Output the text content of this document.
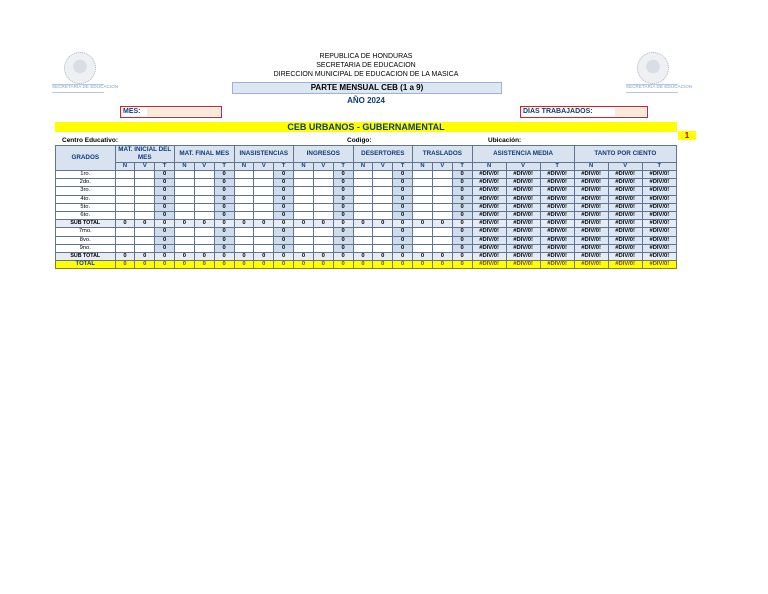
SECRETARIA DE EDUCACION	SECRETARIA DE EDUCACION
REPUBLICA DE HONDURAS
SECRETARIA DE EDUCACION
DIRECCION MUNICIPAL DE EDUCACION DE LA MASICA
PARTE MENSUAL CEB (1 a 9)
AÑO 2024
MES:	DÍAS TRABAJADOS:
CEB URBANOS - GUBERNAMENTAL
1
Centro Educativo:	Codigo:	Ubicación:
GRADOS	MAT. INICIAL DEL MES			MAT. FINAL MES			INASISTENCIAS			INGRESOS			DESERTORES			TRASLADOS			ASISTENCIA MEDIA			TANTO POR CIENTO		
	N	V	T	N	V	T	N	V	T	N	V	T	N	V	T	N	V	T	N	V	T	N	V	T
1ro.			0			0			0			0			0			0	#DIV/0!	#DIV/0!	#DIV/0!	#DIV/0!	#DIV/0!	#DIV/0!
2do.			0			0			0			0			0			0	#DIV/0!	#DIV/0!	#DIV/0!	#DIV/0!	#DIV/0!	#DIV/0!
3ro.			0			0			0			0			0			0	#DIV/0!	#DIV/0!	#DIV/0!	#DIV/0!	#DIV/0!	#DIV/0!
4to.			0			0			0			0			0			0	#DIV/0!	#DIV/0!	#DIV/0!	#DIV/0!	#DIV/0!	#DIV/0!
5to.			0			0			0			0			0			0	#DIV/0!	#DIV/0!	#DIV/0!	#DIV/0!	#DIV/0!	#DIV/0!
6to.			0			0			0			0			0			0	#DIV/0!	#DIV/0!	#DIV/0!	#DIV/0!	#DIV/0!	#DIV/0!
SUB TOTAL	0	0	0	0	0	0	0	0	0	0	0	0	0	0	0	0	0	0	#DIV/0!	#DIV/0!	#DIV/0!	#DIV/0!	#DIV/0!	#DIV/0!
7mo.			0			0			0			0			0			0	#DIV/0!	#DIV/0!	#DIV/0!	#DIV/0!	#DIV/0!	#DIV/0!
8vo.			0			0			0			0			0			0	#DIV/0!	#DIV/0!	#DIV/0!	#DIV/0!	#DIV/0!	#DIV/0!
9no.			0			0			0			0			0			0	#DIV/0!	#DIV/0!	#DIV/0!	#DIV/0!	#DIV/0!	#DIV/0!
SUB TOTAL	0	0	0	0	0	0	0	0	0	0	0	0	0	0	0	0	0	0	#DIV/0!	#DIV/0!	#DIV/0!	#DIV/0!	#DIV/0!	#DIV/0!
TOTAL	0	0	0	0	0	0	0	0	0	0	0	0	0	0	0	0	0	0	#DIV/0!	#DIV/0!	#DIV/0!	#DIV/0!	#DIV/0!	#DIV/0!
